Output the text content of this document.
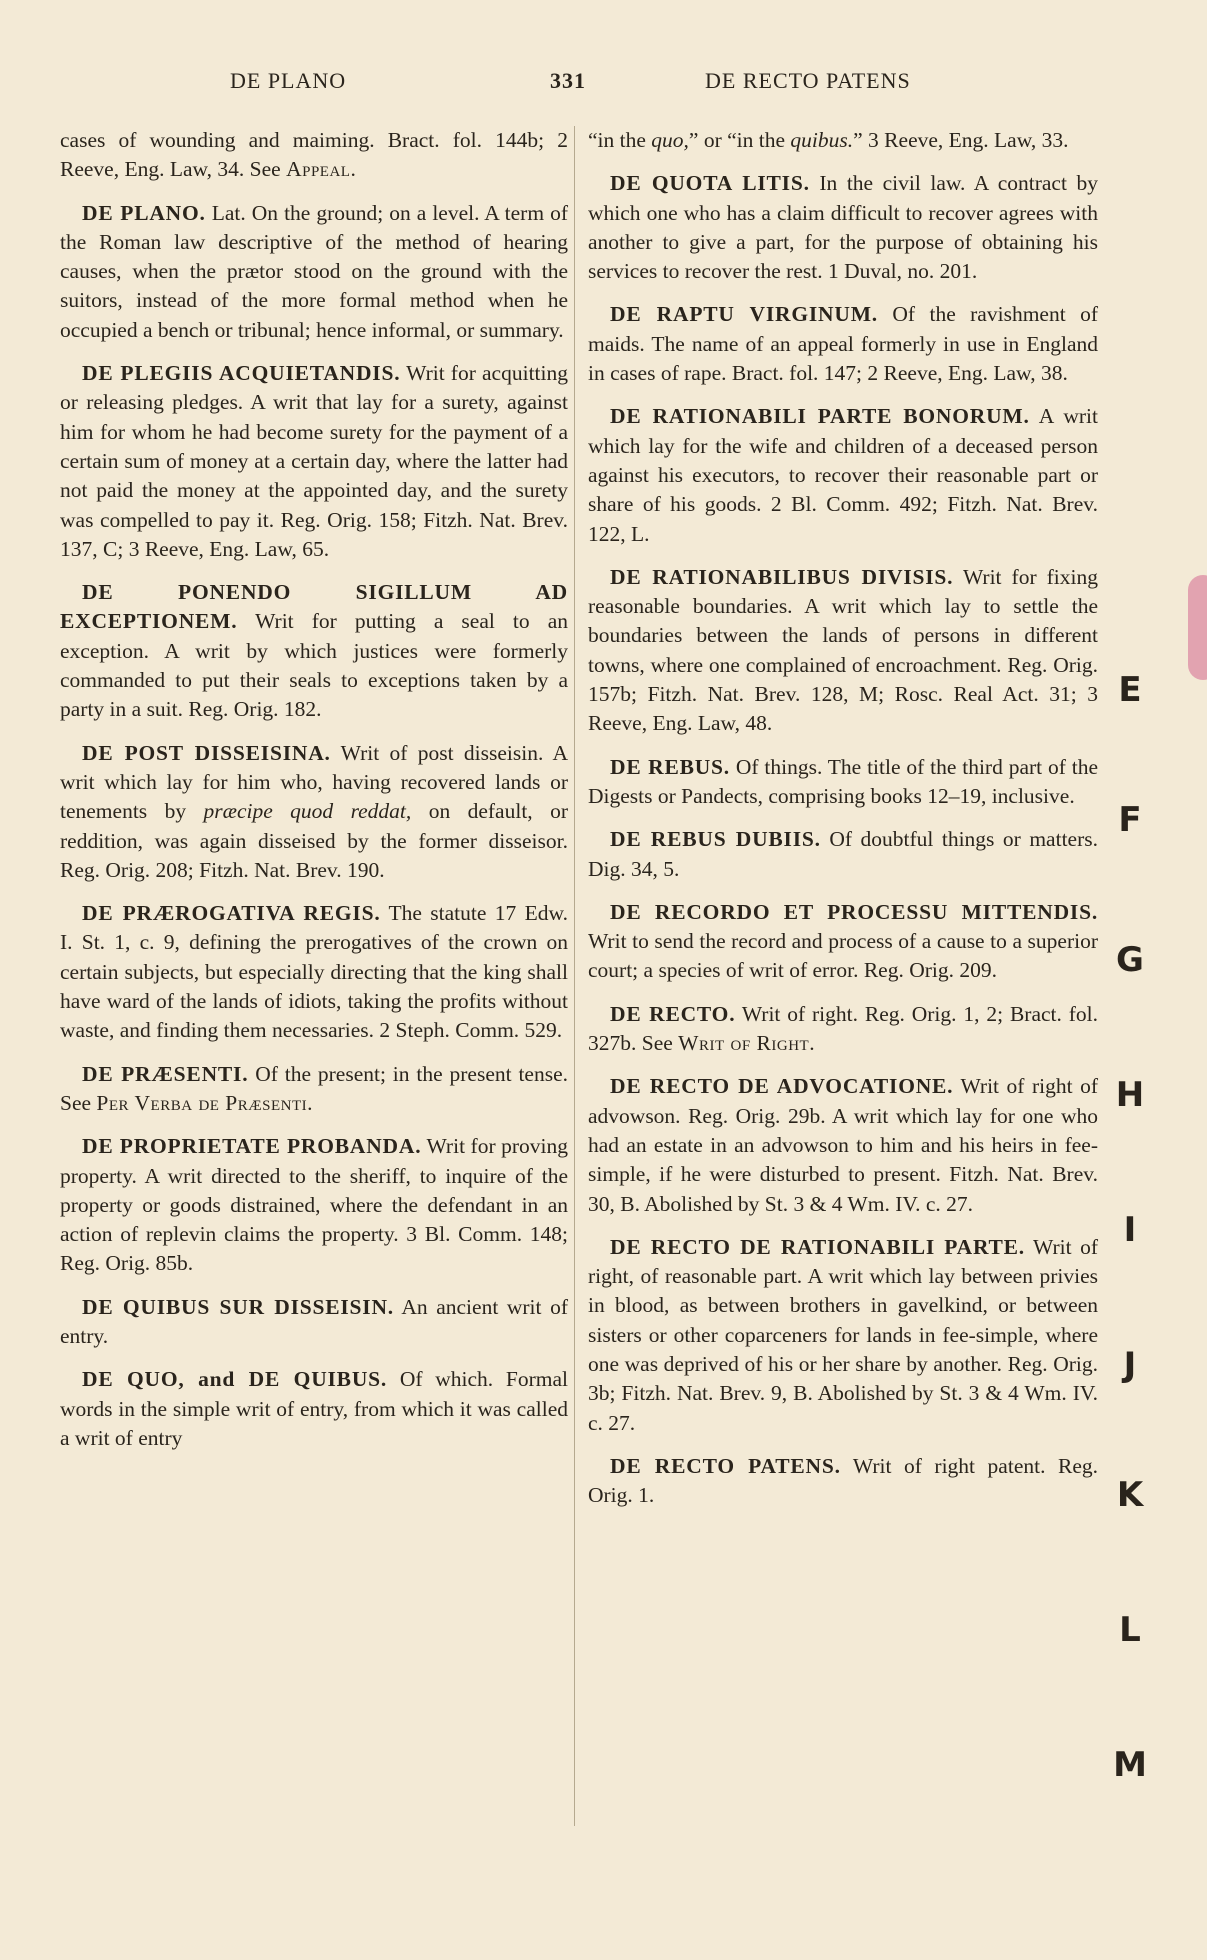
DE PLANO	331	DE RECTO PATENS

cases of wounding and maiming. Bract. fol. 144b; 2 Reeve, Eng. Law, 34. See Appeal.

DE PLANO. Lat. On the ground; on a level. A term of the Roman law descriptive of the method of hearing causes, when the prætor stood on the ground with the suitors, instead of the more formal method when he occupied a bench or tribunal; hence informal, or summary.

DE PLEGIIS ACQUIETANDIS. Writ for acquitting or releasing pledges. A writ that lay for a surety, against him for whom he had become surety for the payment of a certain sum of money at a certain day, where the latter had not paid the money at the appointed day, and the surety was compelled to pay it. Reg. Orig. 158; Fitzh. Nat. Brev. 137, C; 3 Reeve, Eng. Law, 65.

DE PONENDO SIGILLUM AD EXCEPTIONEM. Writ for putting a seal to an exception. A writ by which justices were formerly commanded to put their seals to exceptions taken by a party in a suit. Reg. Orig. 182.

DE POST DISSEISINA. Writ of post disseisin. A writ which lay for him who, having recovered lands or tenements by præcipe quod reddat, on default, or reddition, was again disseised by the former disseisor. Reg. Orig. 208; Fitzh. Nat. Brev. 190.

DE PRÆROGATIVA REGIS. The statute 17 Edw. I. St. 1, c. 9, defining the prerogatives of the crown on certain subjects, but especially directing that the king shall have ward of the lands of idiots, taking the profits without waste, and finding them necessaries. 2 Steph. Comm. 529.

DE PRÆSENTI. Of the present; in the present tense. See Per Verba de Præsenti.

DE PROPRIETATE PROBANDA. Writ for proving property. A writ directed to the sheriff, to inquire of the property or goods distrained, where the defendant in an action of replevin claims the property. 3 Bl. Comm. 148; Reg. Orig. 85b.

DE QUIBUS SUR DISSEISIN. An ancient writ of entry.

DE QUO, and DE QUIBUS. Of which. Formal words in the simple writ of entry, from which it was called a writ of entry

“in the quo,” or “in the quibus.” 3 Reeve, Eng. Law, 33.

DE QUOTA LITIS. In the civil law. A contract by which one who has a claim difficult to recover agrees with another to give a part, for the purpose of obtaining his services to recover the rest. 1 Duval, no. 201.

DE RAPTU VIRGINUM. Of the ravishment of maids. The name of an appeal formerly in use in England in cases of rape. Bract. fol. 147; 2 Reeve, Eng. Law, 38.

DE RATIONABILI PARTE BONORUM. A writ which lay for the wife and children of a deceased person against his executors, to recover their reasonable part or share of his goods. 2 Bl. Comm. 492; Fitzh. Nat. Brev. 122, L.

DE RATIONABILIBUS DIVISIS. Writ for fixing reasonable boundaries. A writ which lay to settle the boundaries between the lands of persons in different towns, where one complained of encroachment. Reg. Orig. 157b; Fitzh. Nat. Brev. 128, M; Rosc. Real Act. 31; 3 Reeve, Eng. Law, 48.

DE REBUS. Of things. The title of the third part of the Digests or Pandects, comprising books 12–19, inclusive.

DE REBUS DUBIIS. Of doubtful things or matters. Dig. 34, 5.

DE RECORDO ET PROCESSU MITTENDIS. Writ to send the record and process of a cause to a superior court; a species of writ of error. Reg. Orig. 209.

DE RECTO. Writ of right. Reg. Orig. 1, 2; Bract. fol. 327b. See Writ of Right.

DE RECTO DE ADVOCATIONE. Writ of right of advowson. Reg. Orig. 29b. A writ which lay for one who had an estate in an advowson to him and his heirs in fee-simple, if he were disturbed to present. Fitzh. Nat. Brev. 30, B. Abolished by St. 3 & 4 Wm. IV. c. 27.

DE RECTO DE RATIONABILI PARTE. Writ of right, of reasonable part. A writ which lay between privies in blood, as between brothers in gavelkind, or between sisters or other coparceners for lands in fee-simple, where one was deprived of his or her share by another. Reg. Orig. 3b; Fitzh. Nat. Brev. 9, B. Abolished by St. 3 & 4 Wm. IV. c. 27.

DE RECTO PATENS. Writ of right patent. Reg. Orig. 1.

E
F
G
H
I
J
K
L
M
